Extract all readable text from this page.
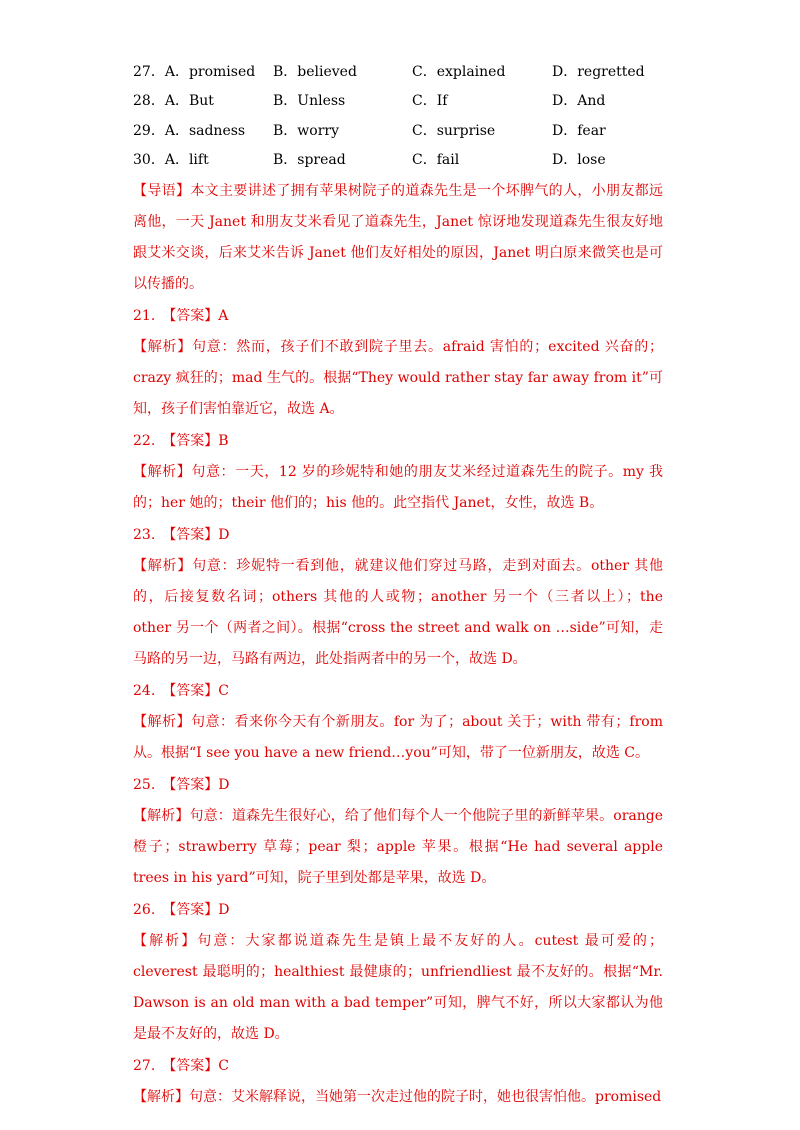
27．A．promised	B．believed	C．explained	D．regretted
28．A．But	B．Unless	C．If	D．And
29．A．sadness	B．worry	C．surprise	D．fear
30．A．lift	B．spread	C．fail	D．lose
【导语】本文主要讲述了拥有苹果树院子的道森先生是一个坏脾气的人，小朋友都远离他，一天 Janet 和朋友艾米看见了道森先生，Janet 惊讶地发现道森先生很友好地跟艾米交谈，后来艾米告诉 Janet 他们友好相处的原因，Janet 明白原来微笑也是可以传播的。
21.　【答案】A
【解析】句意：然而，孩子们不敢到院子里去。afraid 害怕的；excited 兴奋的；crazy 疯狂的；mad 生气的。根据“They would rather stay far away from it”可知，孩子们害怕靠近它，故选 A。
22.　【答案】B
【解析】句意：一天，12 岁的珍妮特和她的朋友艾米经过道森先生的院子。my 我的；her 她的；their 他们的；his 他的。此空指代 Janet，女性，故选 B。
23.　【答案】D
【解析】句意：珍妮特一看到他，就建议他们穿过马路，走到对面去。other 其他的，后接复数名词；others 其他的人或物；another 另一个（三者以上）；the other 另一个（两者之间）。根据“cross the street and walk on …side”可知，走马路的另一边，马路有两边，此处指两者中的另一个，故选 D。
24.　【答案】C
【解析】句意：看来你今天有个新朋友。for 为了；about 关于；with 带有；from 从。根据“I see you have a new friend…you”可知，带了一位新朋友，故选 C。
25.　【答案】D
【解析】句意：道森先生很好心，给了他们每个人一个他院子里的新鲜苹果。orange 橙子；strawberry 草莓；pear 梨；apple 苹果。根据“He had several apple trees in his yard”可知，院子里到处都是苹果，故选 D。
26.　【答案】D
【解析】句意：大家都说道森先生是镇上最不友好的人。cutest 最可爱的；cleverest 最聪明的；healthiest 最健康的；unfriendliest 最不友好的。根据“Mr. Dawson is an old man with a bad temper”可知，脾气不好，所以大家都认为他是最不友好的，故选 D。
27.　【答案】C
【解析】句意：艾米解释说，当她第一次走过他的院子时，她也很害怕他。promised
